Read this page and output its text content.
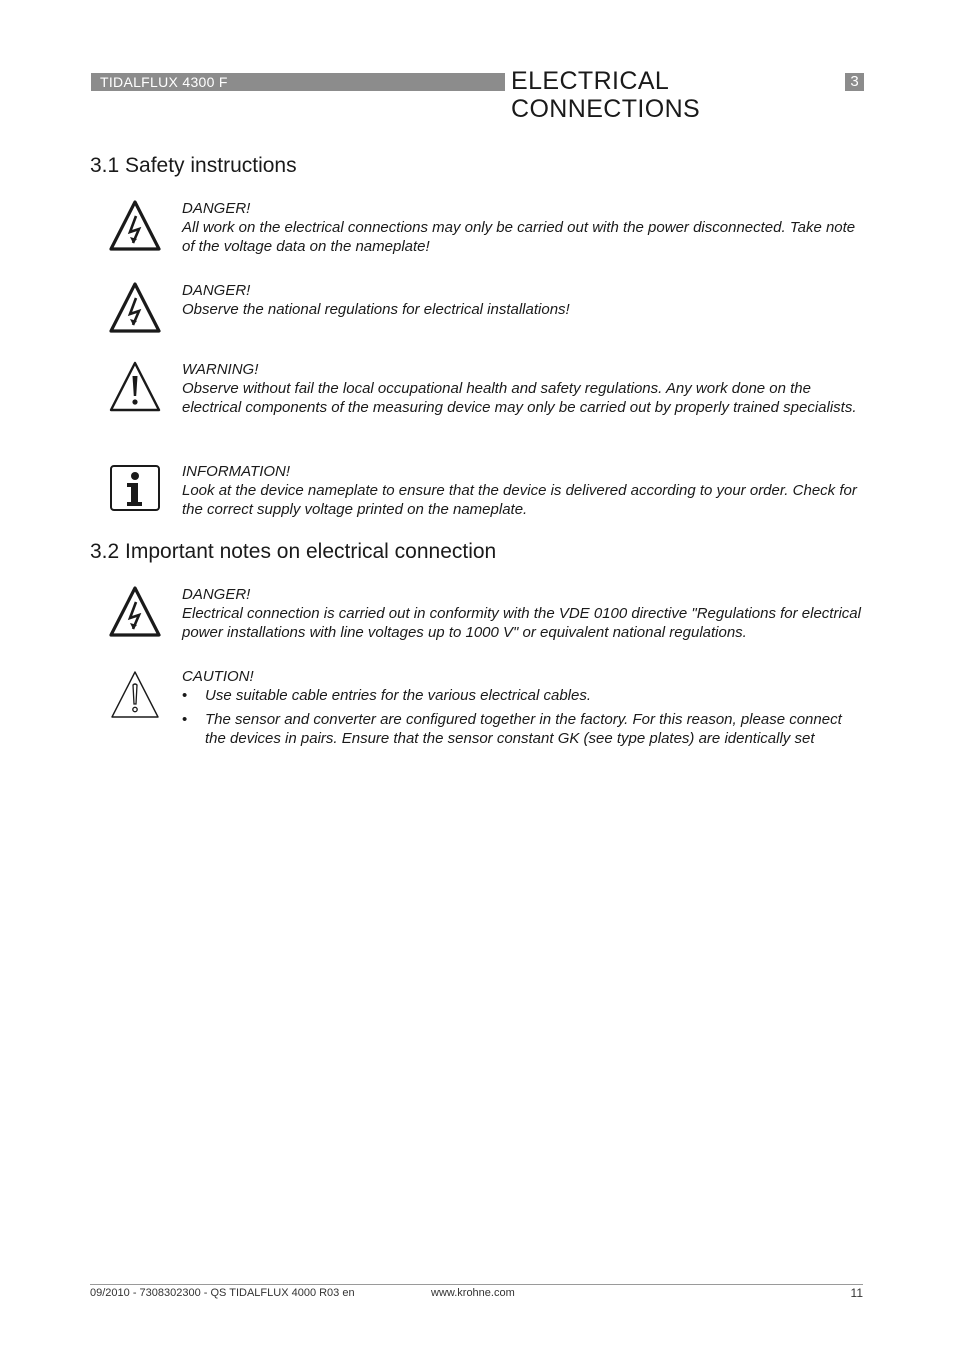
TIDALFLUX 4300 F	ELECTRICAL CONNECTIONS
3
3.1 Safety instructions
DANGER!
All work on the electrical connections may only be carried out with the power disconnected. Take note of the voltage data on the nameplate!
DANGER!
Observe the national regulations for electrical installations!
WARNING!
Observe without fail the local occupational health and safety regulations. Any work done on the electrical components of the measuring device may only be carried out by properly trained specialists.
INFORMATION!
Look at the device nameplate to ensure that the device is delivered according to your order. Check for the correct supply voltage printed on the nameplate.
3.2 Important notes on electrical connection
DANGER!
Electrical connection is carried out in conformity with the VDE 0100 directive "Regulations for electrical power installations with line voltages up to 1000 V" or equivalent national regulations.
CAUTION!
• Use suitable cable entries for the various electrical cables.
• The sensor and converter are configured together in the factory. For this reason, please connect the devices in pairs. Ensure that the sensor constant GK (see type plates) are identically set
09/2010 - 7308302300 - QS TIDALFLUX 4000 R03 en	www.krohne.com	11
